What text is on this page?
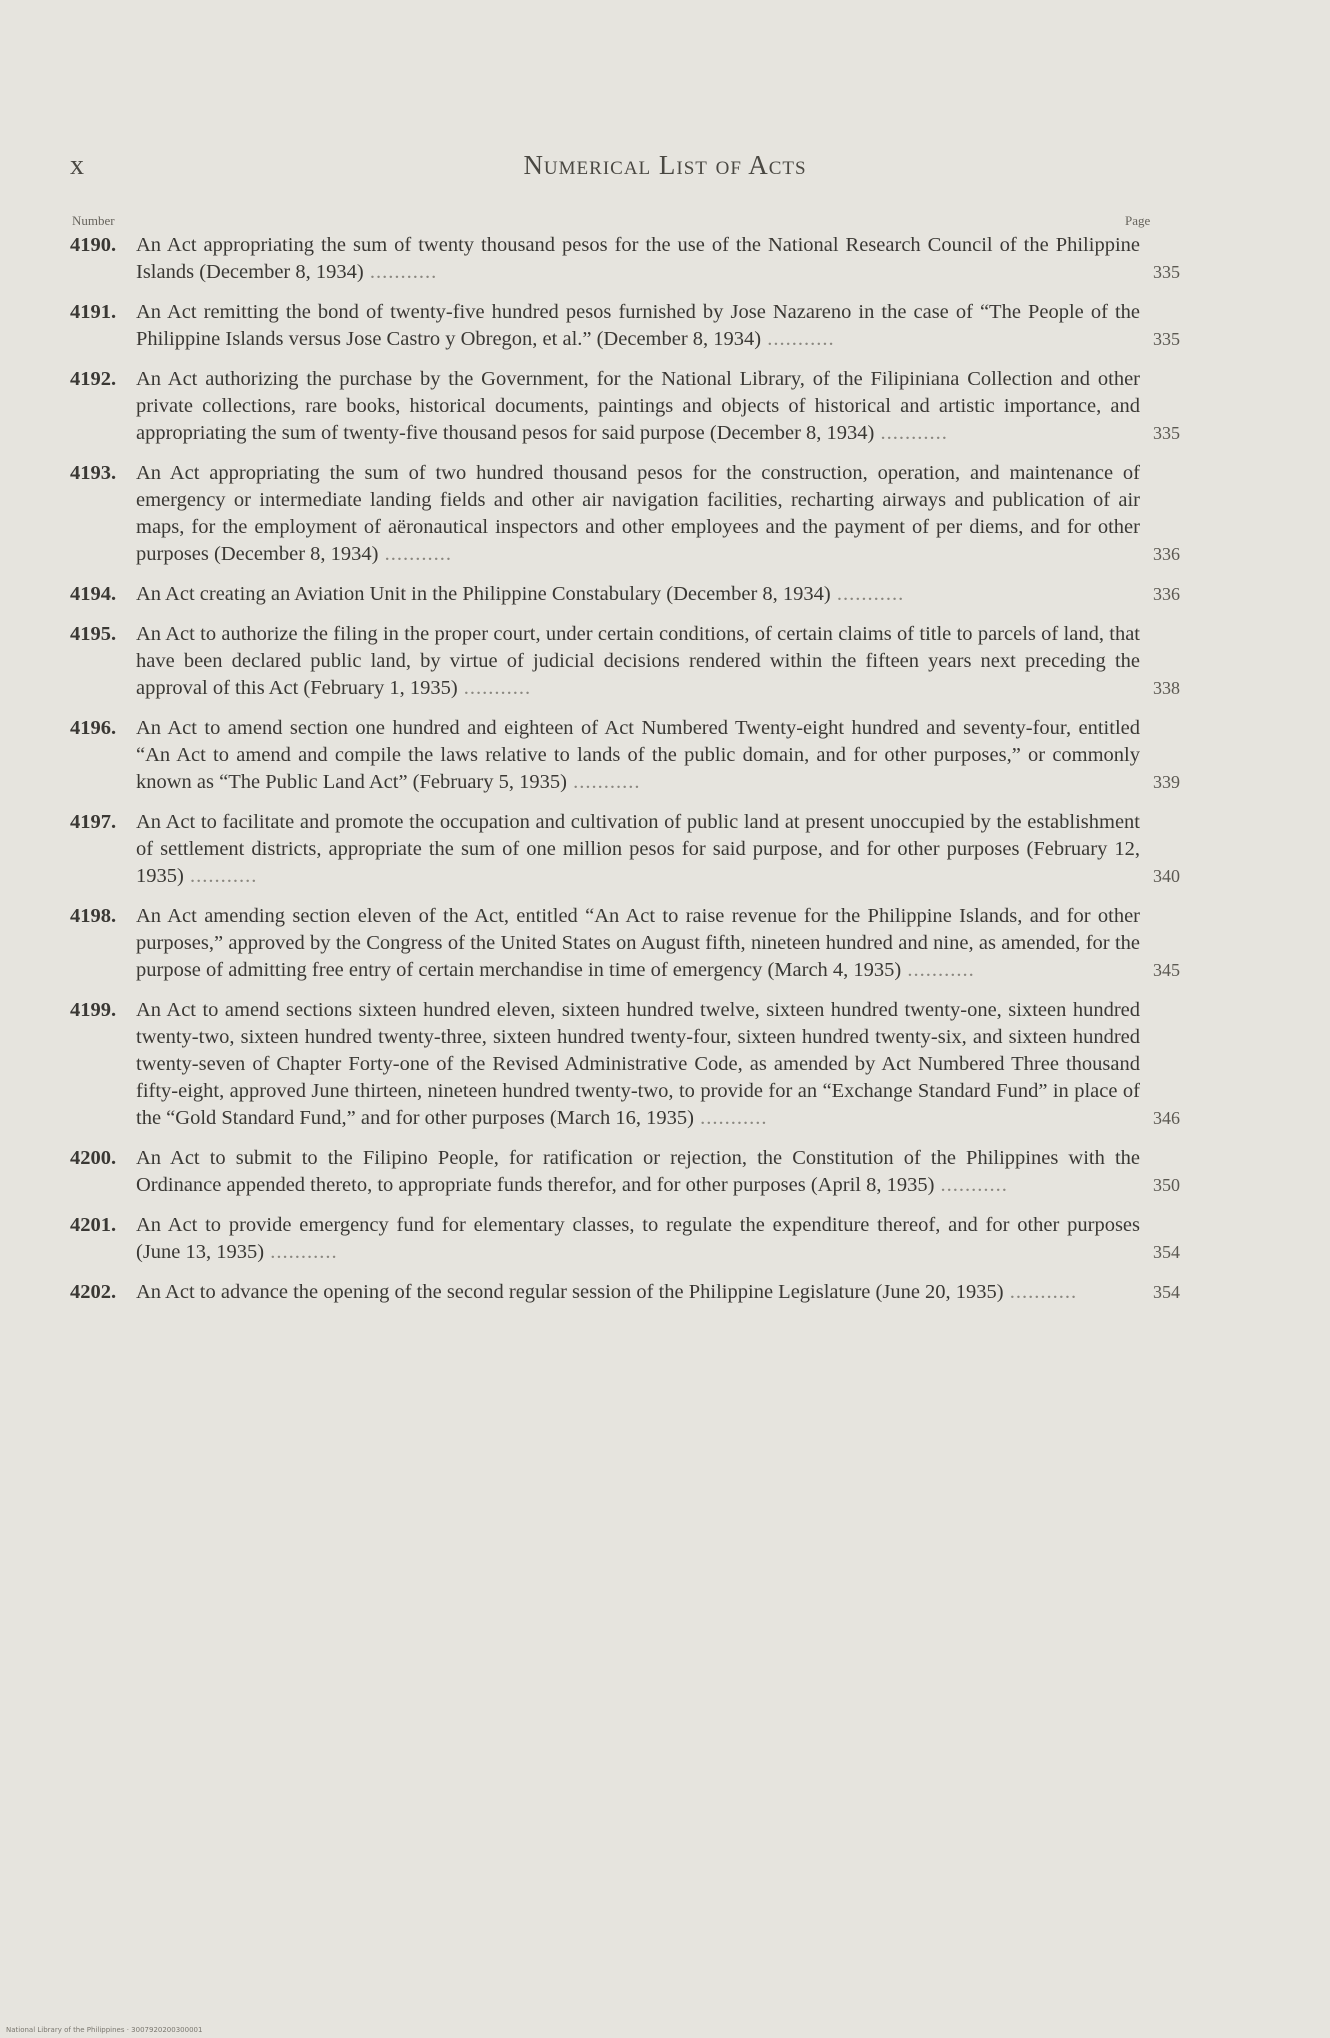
x	Numerical List of Acts
Number	Page
4190. An Act appropriating the sum of twenty thousand pesos for the use of the National Research Council of the Philippine Islands (December 8, 1934) ...........	335
4191. An Act remitting the bond of twenty-five hundred pesos furnished by Jose Nazareno in the case of “The People of the Philippine Islands versus Jose Castro y Obregon, et al.” (December 8, 1934) ...........	335
4192. An Act authorizing the purchase by the Government, for the National Library, of the Filipiniana Collection and other private collections, rare books, historical documents, paintings and objects of historical and artistic importance, and appropriating the sum of twenty-five thousand pesos for said purpose (December 8, 1934) ...........	335
4193. An Act appropriating the sum of two hundred thousand pesos for the construction, operation, and maintenance of emergency or intermediate landing fields and other air navigation facilities, recharting airways and publication of air maps, for the employment of aëronautical inspectors and other employees and the payment of per diems, and for other purposes (December 8, 1934) ...........	336
4194. An Act creating an Aviation Unit in the Philippine Constabulary (December 8, 1934) ...........	336
4195. An Act to authorize the filing in the proper court, under certain conditions, of certain claims of title to parcels of land, that have been declared public land, by virtue of judicial decisions rendered within the fifteen years next preceding the approval of this Act (February 1, 1935) ...........	338
4196. An Act to amend section one hundred and eighteen of Act Numbered Twenty-eight hundred and seventy-four, entitled “An Act to amend and compile the laws relative to lands of the public domain, and for other purposes,” or commonly known as “The Public Land Act” (February 5, 1935) ...........	339
4197. An Act to facilitate and promote the occupation and cultivation of public land at present unoccupied by the establishment of settlement districts, appropriate the sum of one million pesos for said purpose, and for other purposes (February 12, 1935) ...........	340
4198. An Act amending section eleven of the Act, entitled “An Act to raise revenue for the Philippine Islands, and for other purposes,” approved by the Congress of the United States on August fifth, nineteen hundred and nine, as amended, for the purpose of admitting free entry of certain merchandise in time of emergency (March 4, 1935) ...........	345
4199. An Act to amend sections sixteen hundred eleven, sixteen hundred twelve, sixteen hundred twenty-one, sixteen hundred twenty-two, sixteen hundred twenty-three, sixteen hundred twenty-four, sixteen hundred twenty-six, and sixteen hundred twenty-seven of Chapter Forty-one of the Revised Administrative Code, as amended by Act Numbered Three thousand fifty-eight, approved June thirteen, nineteen hundred twenty-two, to provide for an “Exchange Standard Fund” in place of the “Gold Standard Fund,” and for other purposes (March 16, 1935) ...........	346
4200. An Act to submit to the Filipino People, for ratification or rejection, the Constitution of the Philippines with the Ordinance appended thereto, to appropriate funds therefor, and for other purposes (April 8, 1935) ...........	350
4201. An Act to provide emergency fund for elementary classes, to regulate the expenditure thereof, and for other purposes (June 13, 1935) ...........	354
4202. An Act to advance the opening of the second regular session of the Philippine Legislature (June 20, 1935) ...........	354
National Library of the Philippines · 3007920200300001
